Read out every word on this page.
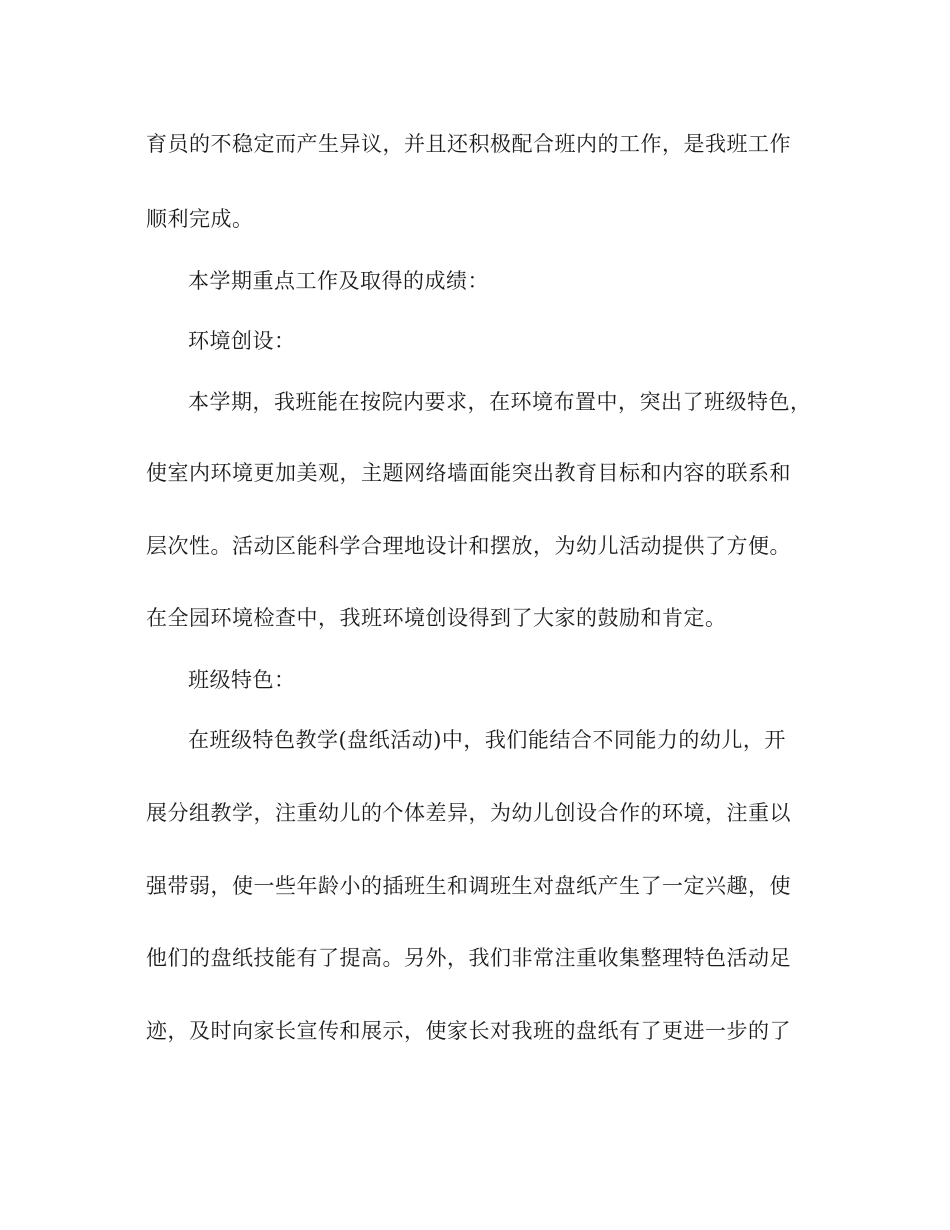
育员的不稳定而产生异议，并且还积极配合班内的工作，是我班工作
顺利完成。
本学期重点工作及取得的成绩：
环境创设：
本学期，我班能在按院内要求，在环境布置中，突出了班级特色，
使室内环境更加美观，主题网络墙面能突出教育目标和内容的联系和
层次性。活动区能科学合理地设计和摆放，为幼儿活动提供了方便。
在全园环境检查中，我班环境创设得到了大家的鼓励和肯定。
班级特色：
在班级特色教学(盘纸活动)中，我们能结合不同能力的幼儿，开
展分组教学，注重幼儿的个体差异，为幼儿创设合作的环境，注重以
强带弱，使一些年龄小的插班生和调班生对盘纸产生了一定兴趣，使
他们的盘纸技能有了提高。另外，我们非常注重收集整理特色活动足
迹，及时向家长宣传和展示，使家长对我班的盘纸有了更进一步的了
